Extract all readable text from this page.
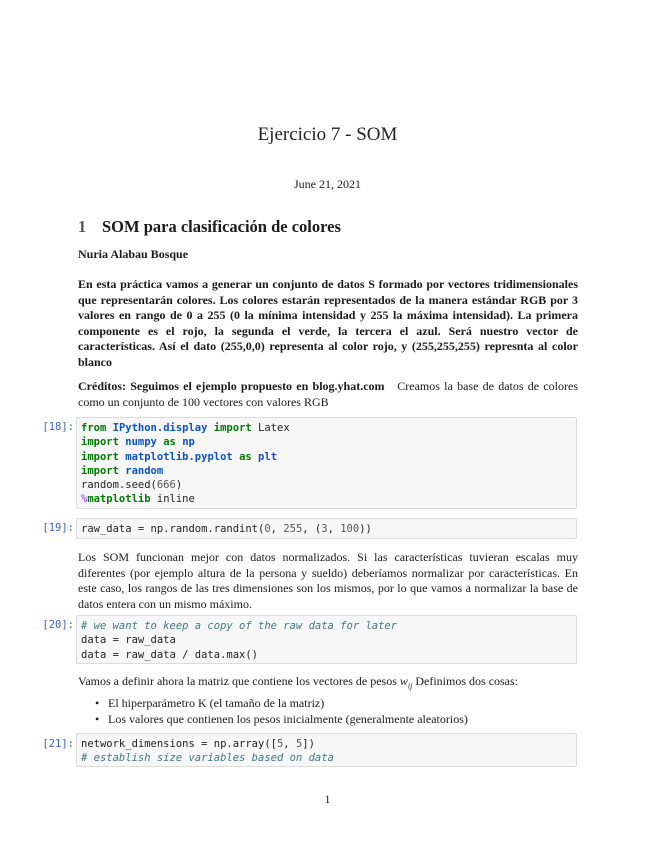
Ejercicio 7 - SOM
June 21, 2021
1 SOM para clasificación de colores
Nuria Alabau Bosque
En esta práctica vamos a generar un conjunto de datos S formado por vectores tridimensionales que representarán colores. Los colores estarán representados de la manera estándar RGB por 3 valores en rango de 0 a 255 (0 la mínima intensidad y 255 la máxima intensidad). La primera componente es el rojo, la segunda el verde, la tercera el azul. Será nuestro vector de características. Así el dato (255,0,0) representa al color rojo, y (255,255,255) represnta al color blanco
Créditos: Seguimos el ejemplo propuesto en blog.yhat.com Creamos la base de datos de colores como un conjunto de 100 vectores con valores RGB
[18]: from IPython.display import Latex
import numpy as np
import matplotlib.pyplot as plt
import random
random.seed(666)
%matplotlib inline
[19]: raw_data = np.random.randint(0, 255, (3, 100))
Los SOM funcionan mejor con datos normalizados. Si las características tuvieran escalas muy diferentes (por ejemplo altura de la persona y sueldo) deberíamos normalizar por características. En este caso, los rangos de las tres dimensiones son los mismos, por lo que vamos a normalizar la base de datos entera con un mismo máximo.
[20]: # we want to keep a copy of the raw data for later
data = raw_data
data = raw_data / data.max()
Vamos a definir ahora la matriz que contiene los vectores de pesos $w_{ij}$ Definimos dos cosas:
• El hiperparámetro K (el tamaño de la matriz)
• Los valores que contienen los pesos inicialmente (generalmente aleatorios)
[21]: network_dimensions = np.array([5, 5])
# establish size variables based on data
1
